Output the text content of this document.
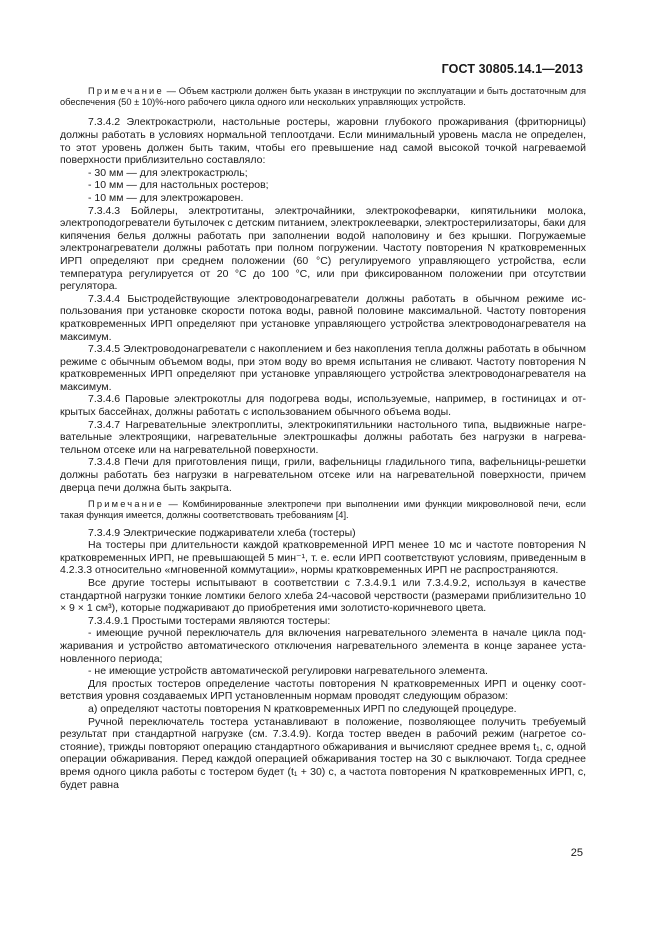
ГОСТ 30805.14.1—2013

Примечание — Объем кастрюли должен быть указан в инструкции по эксплуатации и быть достаточным для обеспечения (50 ± 10)%-ного рабочего цикла одного или нескольких управляющих устройств.

7.3.4.2 Электрокастрюли, настольные ростеры, жаровни глубокого прожаривания (фритюрницы) должны работать в условиях нормальной теплоотдачи. Если минимальный уровень масла не определен, то этот уровень должен быть таким, чтобы его превышение над самой высокой точкой нагреваемой поверхности приблизительно составляло:

- 30 мм — для электрокастрюль;

- 10 мм — для настольных ростеров;

- 10 мм — для электрожаровен.

7.3.4.3 Бойлеры, электротитаны, электрочайники, электрокофеварки, кипятильники молока, электроподогреватели бутылочек с детским питанием, электроклееварки, электростерилизаторы, баки для кипячения белья должны работать при заполнении водой наполовину и без крышки. Погружаемые электронагреватели должны работать при полном погружении. Частоту повторения N кратковременных ИРП определяют при среднем положении (60 °C) регулируемого управляющего устройства, если температура регулируется от 20 °C до 100 °C, или при фиксированном положении при отсутствии регулятора.

7.3.4.4 Быстродействующие электроводонагреватели должны работать в обычном режиме использования при установке скорости потока воды, равной половине максимальной. Частоту повторения кратковременных ИРП определяют при установке управляющего устройства электроводонагревателя на максимум.

7.3.4.5 Электроводонагреватели с накоплением и без накопления тепла должны работать в обычном режиме с обычным объемом воды, при этом воду во время испытания не сливают. Частоту повторения N кратковременных ИРП определяют при установке управляющего устройства электроводонагревателя на максимум.

7.3.4.6 Паровые электрокотлы для подогрева воды, используемые, например, в гостиницах и открытых бассейнах, должны работать с использованием обычного объема воды.

7.3.4.7 Нагревательные электроплиты, электрокипятильники настольного типа, выдвижные нагревательные электроящики, нагревательные электрошкафы должны работать без нагрузки в нагревательном отсеке или на нагревательной поверхности.

7.3.4.8 Печи для приготовления пищи, грили, вафельницы гладильного типа, вафельницы-решетки должны работать без нагрузки в нагревательном отсеке или на нагревательной поверхности, причем дверца печи должна быть закрыта.

Примечание — Комбинированные электропечи при выполнении ими функции микроволновой печи, если такая функция имеется, должны соответствовать требованиям [4].

7.3.4.9 Электрические поджариватели хлеба (тостеры)

На тостеры при длительности каждой кратковременной ИРП менее 10 мс и частоте повторения N кратковременных ИРП, не превышающей 5 мин⁻¹, т. е. если ИРП соответствуют условиям, приведенным в 4.2.3.3 относительно «мгновенной коммутации», нормы кратковременных ИРП не распространяются.

Все другие тостеры испытывают в соответствии с 7.3.4.9.1 или 7.3.4.9.2, используя в качестве стандартной нагрузки тонкие ломтики белого хлеба 24-часовой черствости (размерами приблизительно 10 × 9 × 1 см³), которые поджаривают до приобретения ими золотисто-коричневого цвета.

7.3.4.9.1 Простыми тостерами являются тостеры:

- имеющие ручной переключатель для включения нагревательного элемента в начале цикла поджаривания и устройство автоматического отключения нагревательного элемента в конце заранее установленного периода;

- не имеющие устройств автоматической регулировки нагревательного элемента.

Для простых тостеров определение частоты повторения N кратковременных ИРП и оценку соответствия уровня создаваемых ИРП установленным нормам проводят следующим образом:

а) определяют частоты повторения N кратковременных ИРП по следующей процедуре.

Ручной переключатель тостера устанавливают в положение, позволяющее получить требуемый результат при стандартной нагрузке (см. 7.3.4.9). Когда тостер введен в рабочий режим (нагретое состояние), трижды повторяют операцию стандартного обжаривания и вычисляют среднее время t₁, с, одной операции обжаривания. Перед каждой операцией обжаривания тостер на 30 с выключают. Тогда среднее время одного цикла работы с тостером будет (t₁ + 30) с, а частота повторения N кратковременных ИРП, с, будет равна

25
